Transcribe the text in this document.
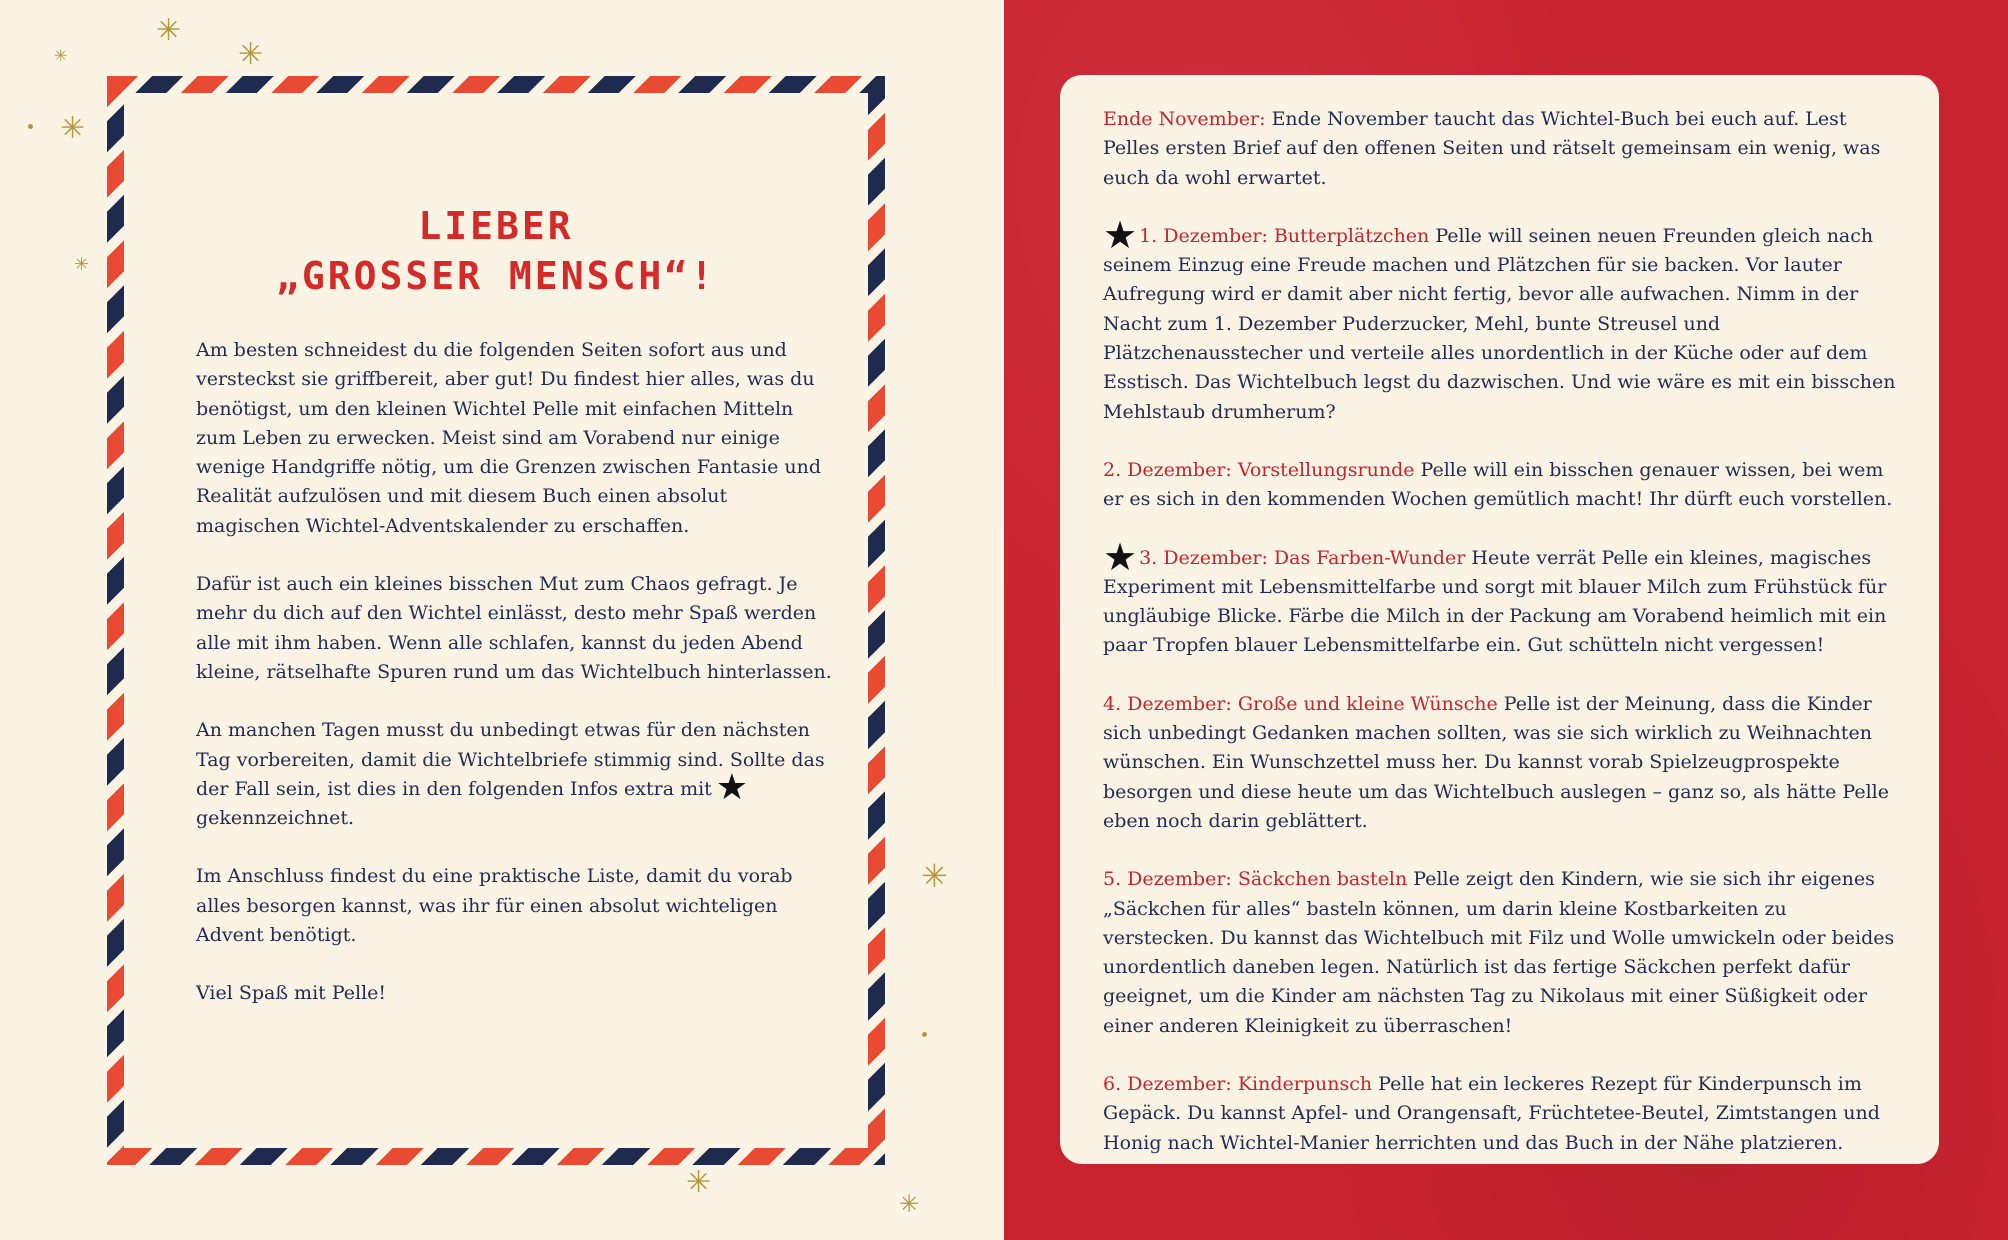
✳
✳
✳
✳
✳
✳
✳
✳
LIEBER
„GROSSER MENSCH“!

Am besten schneidest du die folgenden Seiten sofort aus und versteckst sie griffbereit, aber gut! Du findest hier alles, was du benötigst, um den kleinen Wichtel Pelle mit einfachen Mitteln zum Leben zu erwecken. Meist sind am Vorabend nur einige wenige Handgriffe nötig, um die Grenzen zwischen Fantasie und Realität aufzulösen und mit diesem Buch einen absolut magischen Wichtel-Adventskalender zu erschaffen.

Dafür ist auch ein kleines bisschen Mut zum Chaos gefragt. Je mehr du dich auf den Wichtel einlässt, desto mehr Spaß werden alle mit ihm haben. Wenn alle schlafen, kannst du jeden Abend kleine, rätselhafte Spuren rund um das Wichtelbuch hinterlassen.

An manchen Tagen musst du unbedingt etwas für den nächsten Tag vorbereiten, damit die Wichtelbriefe stimmig sind. Sollte das der Fall sein, ist dies in den folgenden Infos extra mit ★
gekennzeichnet.

Im Anschluss findest du eine praktische Liste, damit du vorab alles besorgen kannst, was ihr für einen absolut wichteligen Advent benötigt.

Viel Spaß mit Pelle!

Ende November: Ende November taucht das Wichtel-Buch bei euch auf. Lest Pelles ersten Brief auf den offenen Seiten und rätselt gemeinsam ein wenig, was euch da wohl erwartet.

★ 1. Dezember: Butterplätzchen Pelle will seinen neuen Freunden gleich nach seinem Einzug eine Freude machen und Plätzchen für sie backen. Vor lauter Aufregung wird er damit aber nicht fertig, bevor alle aufwachen. Nimm in der Nacht zum 1. Dezember Puderzucker, Mehl, bunte Streusel und Plätzchenausstecher und verteile alles unordentlich in der Küche oder auf dem Esstisch. Das Wichtelbuch legst du dazwischen. Und wie wäre es mit ein bisschen Mehlstaub drumherum?

2. Dezember: Vorstellungsrunde Pelle will ein bisschen genauer wissen, bei wem er es sich in den kommenden Wochen gemütlich macht! Ihr dürft euch vorstellen.

★ 3. Dezember: Das Farben-Wunder Heute verrät Pelle ein kleines, magisches Experiment mit Lebensmittelfarbe und sorgt mit blauer Milch zum Frühstück für ungläubige Blicke. Färbe die Milch in der Packung am Vorabend heimlich mit ein paar Tropfen blauer Lebensmittelfarbe ein. Gut schütteln nicht vergessen!

4. Dezember: Große und kleine Wünsche Pelle ist der Meinung, dass die Kinder sich unbedingt Gedanken machen sollten, was sie sich wirklich zu Weihnachten wünschen. Ein Wunschzettel muss her. Du kannst vorab Spielzeugprospekte besorgen und diese heute um das Wichtelbuch auslegen – ganz so, als hätte Pelle eben noch darin geblättert.

5. Dezember: Säckchen basteln Pelle zeigt den Kindern, wie sie sich ihr eigenes „Säckchen für alles“ basteln können, um darin kleine Kostbarkeiten zu verstecken. Du kannst das Wichtelbuch mit Filz und Wolle umwickeln oder beides unordentlich daneben legen. Natürlich ist das fertige Säckchen perfekt dafür geeignet, um die Kinder am nächsten Tag zu Nikolaus mit einer Süßigkeit oder einer anderen Kleinigkeit zu überraschen!

6. Dezember: Kinderpunsch Pelle hat ein leckeres Rezept für Kinderpunsch im Gepäck. Du kannst Apfel- und Orangensaft, Früchtetee-Beutel, Zimtstangen und Honig nach Wichtel-Manier herrichten und das Buch in der Nähe platzieren.
